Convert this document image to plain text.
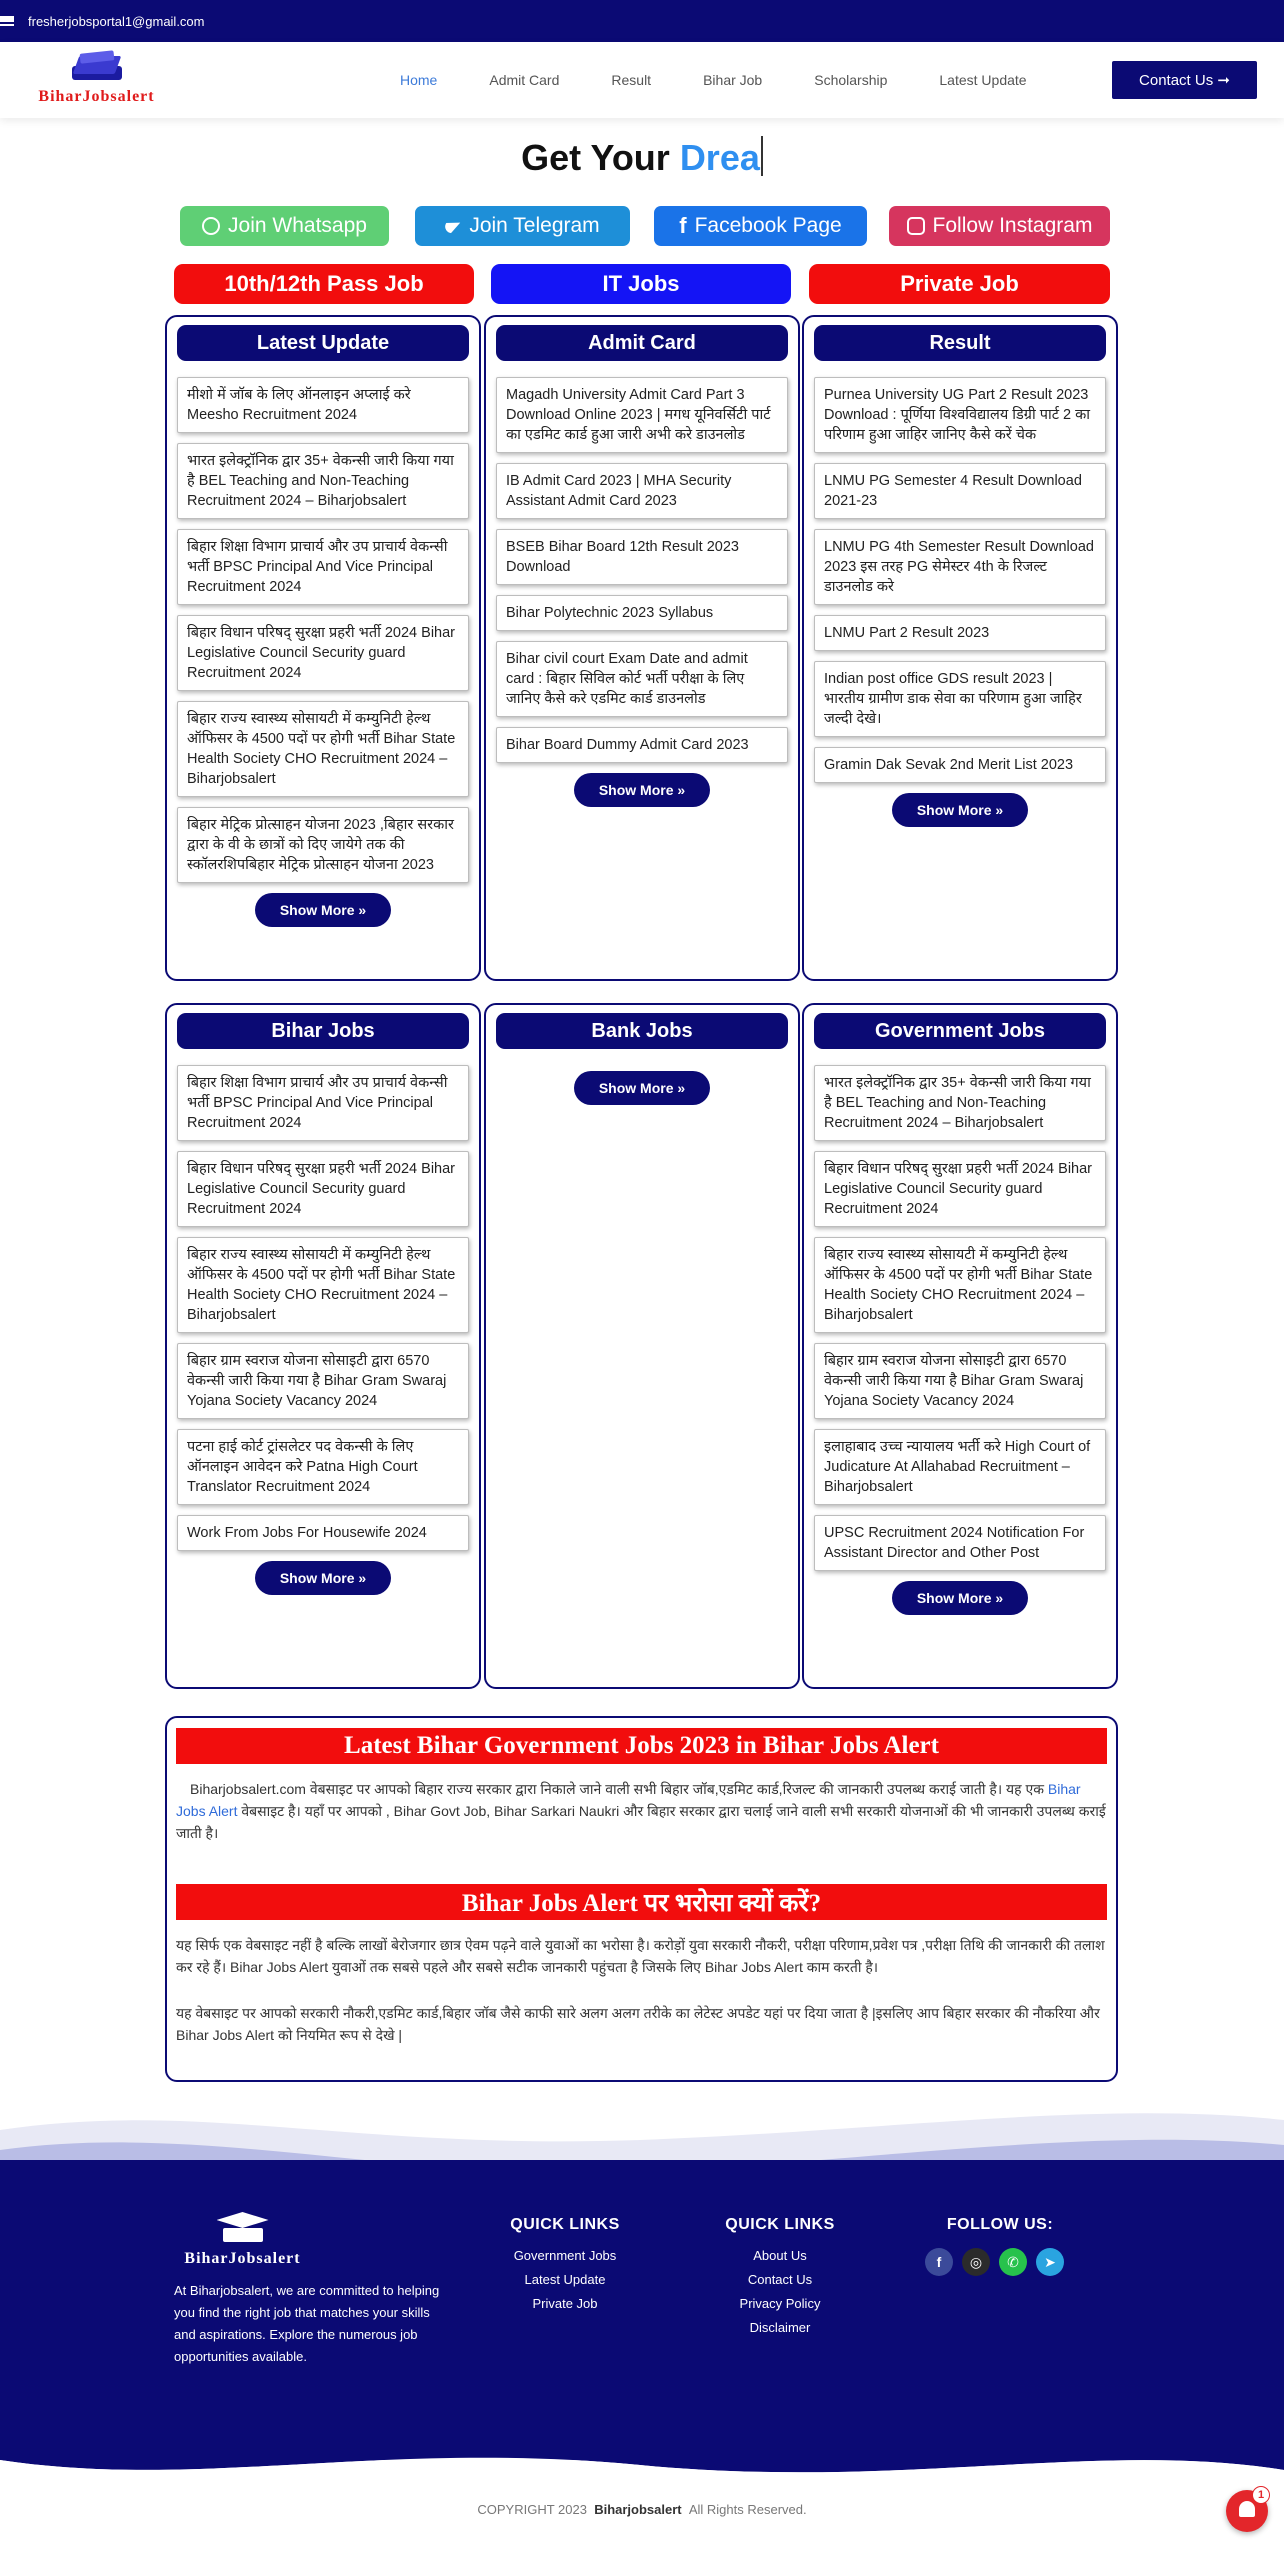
fresherjobsportal1@gmail.com
BiharJobsalert
Home	Admit Card	Result	Bihar Job	Scholarship	Latest Update	Contact Us ➞
Get Your Drea
Join Whatsapp	Join Telegram	f Facebook Page	Follow Instagram
10th/12th Pass Job	IT Jobs	Private Job
Latest Update
मीशो में जॉब के लिए ऑनलाइन अप्लाई करे Meesho Recruitment 2024
भारत इलेक्ट्रॉनिक द्वार 35+ वेकन्सी जारी किया गया है BEL Teaching and Non-Teaching Recruitment 2024 – Biharjobsalert
बिहार शिक्षा विभाग प्राचार्य और उप प्राचार्य वेकन्सी भर्ती BPSC Principal And Vice Principal Recruitment 2024
बिहार विधान परिषद् सुरक्षा प्रहरी भर्ती 2024 Bihar Legislative Council Security guard Recruitment 2024
बिहार राज्य स्वास्थ्य सोसायटी में कम्युनिटी हेल्थ ऑफिसर के 4500 पदों पर होगी भर्ती Bihar State Health Society CHO Recruitment 2024 – Biharjobsalert
बिहार मेट्रिक प्रोत्साहन योजना 2023 ,बिहार सरकार द्वारा के वी के छात्रों को दिए जायेगे तक की स्कॉलरशिपबिहार मेट्रिक प्रोत्साहन योजना 2023
Show More »
Admit Card
Magadh University Admit Card Part 3 Download Online 2023 | मगध यूनिवर्सिटी पार्ट का एडमिट कार्ड हुआ जारी अभी करे डाउनलोड
IB Admit Card 2023 | MHA Security Assistant Admit Card 2023
BSEB Bihar Board 12th Result 2023 Download
Bihar Polytechnic 2023 Syllabus
Bihar civil court Exam Date and admit card : बिहार सिविल कोर्ट भर्ती परीक्षा के लिए जानिए कैसे करे एडमिट कार्ड डाउनलोड
Bihar Board Dummy Admit Card 2023
Show More »
Result
Purnea University UG Part 2 Result 2023 Download : पूर्णिया विश्वविद्यालय डिग्री पार्ट 2 का परिणाम हुआ जाहिर जानिए कैसे करें चेक
LNMU PG Semester 4 Result Download 2021-23
LNMU PG 4th Semester Result Download 2023 इस तरह PG सेमेस्टर 4th के रिजल्ट डाउनलोड करे
LNMU Part 2 Result 2023
Indian post office GDS result 2023 | भारतीय ग्रामीण डाक सेवा का परिणाम हुआ जाहिर जल्दी देखे।
Gramin Dak Sevak 2nd Merit List 2023
Show More »
Bihar Jobs
बिहार शिक्षा विभाग प्राचार्य और उप प्राचार्य वेकन्सी भर्ती BPSC Principal And Vice Principal Recruitment 2024
बिहार विधान परिषद् सुरक्षा प्रहरी भर्ती 2024 Bihar Legislative Council Security guard Recruitment 2024
बिहार राज्य स्वास्थ्य सोसायटी में कम्युनिटी हेल्थ ऑफिसर के 4500 पदों पर होगी भर्ती Bihar State Health Society CHO Recruitment 2024 – Biharjobsalert
बिहार ग्राम स्वराज योजना सोसाइटी द्वारा 6570 वेकन्सी जारी किया गया है Bihar Gram Swaraj Yojana Society Vacancy 2024
पटना हाई कोर्ट ट्रांसलेटर पद वेकन्सी के लिए ऑनलाइन आवेदन करे Patna High Court Translator Recruitment 2024
Work From Jobs For Housewife 2024
Show More »
Bank Jobs
Show More »
Government Jobs
भारत इलेक्ट्रॉनिक द्वार 35+ वेकन्सी जारी किया गया है BEL Teaching and Non-Teaching Recruitment 2024 – Biharjobsalert
बिहार विधान परिषद् सुरक्षा प्रहरी भर्ती 2024 Bihar Legislative Council Security guard Recruitment 2024
बिहार राज्य स्वास्थ्य सोसायटी में कम्युनिटी हेल्थ ऑफिसर के 4500 पदों पर होगी भर्ती Bihar State Health Society CHO Recruitment 2024 – Biharjobsalert
बिहार ग्राम स्वराज योजना सोसाइटी द्वारा 6570 वेकन्सी जारी किया गया है Bihar Gram Swaraj Yojana Society Vacancy 2024
इलाहाबाद उच्च न्यायालय भर्ती करे High Court of Judicature At Allahabad Recruitment – Biharjobsalert
UPSC Recruitment 2024 Notification For Assistant Director and Other Post
Show More »
Latest Bihar Government Jobs 2023 in Bihar Jobs Alert
Biharjobsalert.com वेबसाइट पर आपको बिहार राज्य सरकार द्वारा निकाले जाने वाली सभी बिहार जॉब,एडमिट कार्ड,रिजल्ट की जानकारी उपलब्ध कराई जाती है। यह एक Bihar Jobs Alert वेबसाइट है। यहाँ पर आपको , Bihar Govt Job, Bihar Sarkari Naukri और बिहार सरकार द्वारा चलाई जाने वाली सभी सरकारी योजनाओं की भी जानकारी उपलब्ध कराई जाती है।
Bihar Jobs Alert पर भरोसा क्यों करें?
यह सिर्फ एक वेबसाइट नहीं है बल्कि लाखों बेरोजगार छात्र ऐवम पढ़ने वाले युवाओं का भरोसा है। करोड़ों युवा सरकारी नौकरी, परीक्षा परिणाम,प्रवेश पत्र ,परीक्षा तिथि की जानकारी की तलाश कर रहे हैं। Bihar Jobs Alert युवाओं तक सबसे पहले और सबसे सटीक जानकारी पहुंचता है जिसके लिए Bihar Jobs Alert काम करती है।
यह वेबसाइट पर आपको सरकारी नौकरी,एडमिट कार्ड,बिहार जॉब जैसे काफी सारे अलग अलग तरीके का लेटेस्ट अपडेट यहां पर दिया जाता है |इसलिए आप बिहार सरकार की नौकरिया और Bihar Jobs Alert को नियमित रूप से देखे |
BiharJobsalert
At Biharjobsalert, we are committed to helping you find the right job that matches your skills and aspirations. Explore the numerous job opportunities available.
QUICK LINKS
Government Jobs
Latest Update
Private Job
QUICK LINKS
About Us
Contact Us
Privacy Policy
Disclaimer
FOLLOW US:
f	◎	✆	➤
COPYRIGHT 2023 Biharjobsalert All Rights Reserved.
1
